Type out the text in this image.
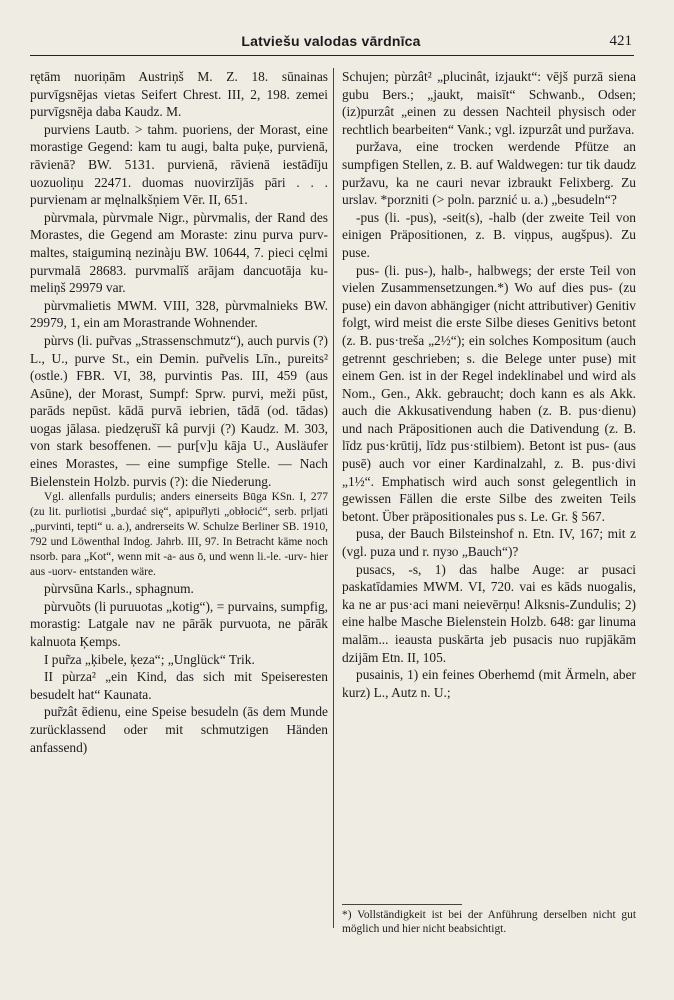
Latviešu valodas vārdnīca	421

rętām nuoriņām Austriņš M. Z. 18. sūnainas purvīgsnējas vietas Seifert Chrest. III, 2, 198. zemei purvīgsnēja daba Kaudz. M.

purviens Lautb. > tahm. puoriens, der Morast, eine morastige Gegend: kam tu augi, balta puķe, purvienā, rāvienā? BW. 5131. purvienā, rāvienā iestādīju uozuoliņu 22471. duomas nuovirzījās pāri . . . purvienam ar męlnalkšņiem Vēr. II, 651.

pùrvmala, pùrvmale Nigr., pùrvmalis, der Rand des Morastes, die Gegend am Moraste: zinu purva purvmaltes, staiguminą nezinàju BW. 10644, 7. pieci cęlmi purvmalā 28683. purvmalīš arājam dancuotāja kumeliņš 29979 var.

pùrvmalietis MWM. VIII, 328, pùrvmalnieks BW. 29979, 1, ein am Morastrande Wohnender.

pùrvs (li. pur̃vas „Strassenschmutz“), auch purvis (?) L., U., purve St., ein Demin. pur̃velis Līn., pureits² (ostle.) FBR. VI, 38, purvintis Pas. III, 459 (aus Asūne), der Morast, Sumpf: Sprw. purvi, meži pūst, parāds nepūst. kādā purvā iebrien, tādā (od. tādas) uogas jālasa. piedzęrušī kâ purvji (?) Kaudz. M. 303, von stark besoffenen. — pur[v]u kāja U., Ausläufer eines Morastes, — eine sumpfige Stelle. — Nach Bielenstein Holzb. purvis (?): die Niederung.

Vgl. allenfalls purdulis; anders einerseits Būga KSn. I, 277 (zu lit. purliotisi „burdać się“, apipur̃lyti „obłocić“, serb. prljati „purvinti, tepti“ u. a.), andrerseits W. Schulze Berliner SB. 1910, 792 und Löwenthal Indog. Jahrb. III, 97. In Betracht käme noch nsorb. para „Kot“, wenn mit -a- aus ō, und wenn li.-le. -urv- hier aus -uorv- entstanden wäre.

pùrvsūna Karls., sphagnum.

pùrvuõts (li puruuotas „kotig“), = purvains, sumpfig, morastig: Latgale nav ne pārāk purvuota, ne pārāk kalnuota Ķemps.

I pur̃za „ķibele, ķeza“; „Unglück“ Trik.

II pùrza² „ein Kind, das sich mit Speiseresten besudelt hat“ Kaunata.

pur̃zât ēdienu, eine Speise besudeln (ās dem Munde zurücklassend oder mit schmutzigen Händen anfassend)

Schujen; pùrzât² „plucinât, izjaukt“: vējš purzā siena gubu Bers.; „jaukt, maisīt“ Schwanb., Odsen; (iz)purzât „einen zu dessen Nachteil physisch oder rechtlich bearbeiten“ Vank.; vgl. izpurzât und puržava.

puržava, eine trocken werdende Pfütze an sumpfigen Stellen, z. B. auf Waldwegen: tur tik daudz puržavu, ka ne cauri nevar izbraukt Felixberg. Zu urslav. *porzniti (> poln. parznić u. a.) „besudeln“?

-pus (li. -pus), -seit(s), -halb (der zweite Teil von einigen Präpositionen, z. B. viņpus, augšpus). Zu puse.

pus- (li. pus-), halb-, halbwegs; der erste Teil von vielen Zusammensetzungen.*) Wo auf dies pus- (zu puse) ein davon abhängiger (nicht attributiver) Genitiv folgt, wird meist die erste Silbe dieses Genitivs betont (z. B. pus·treša „2½“); ein solches Kompositum (auch getrennt geschrieben; s. die Belege unter puse) mit einem Gen. ist in der Regel indeklinabel und wird als Nom., Gen., Akk. gebraucht; doch kann es als Akk. auch die Akkusativendung haben (z. B. pus·dienu) und nach Präpositionen auch die Dativendung (z. B. līdz pus·krūtij, līdz pus·stilbiem). Betont ist pus- (aus pusē) auch vor einer Kardinalzahl, z. B. pus·divi „1½“. Emphatisch wird auch sonst gelegentlich in gewissen Fällen die erste Silbe des zweiten Teils betont. Über präpositionales pus s. Le. Gr. § 567.

pusa, der Bauch Bilsteinshof n. Etn. IV, 167; mit z (vgl. puza und r. пузо „Bauch“)?

pusacs, -s, 1) das halbe Auge: ar pusaci paskatīdamies MWM. VI, 720. vai es kāds nuogalis, ka ne ar pus·aci mani neievērņu! Alksnis-Zundulis; 2) eine halbe Masche Bielenstein Holzb. 648: gar linuma malām... ieausta puskārta jeb pusacis nuo rupjākām dzijām Etn. II, 105.

pusainis, 1) ein feines Oberhemd (mit Ärmeln, aber kurz) L., Autz n. U.;

*) Vollständigkeit ist bei der Anführung derselben nicht gut möglich und hier nicht beabsichtigt.
